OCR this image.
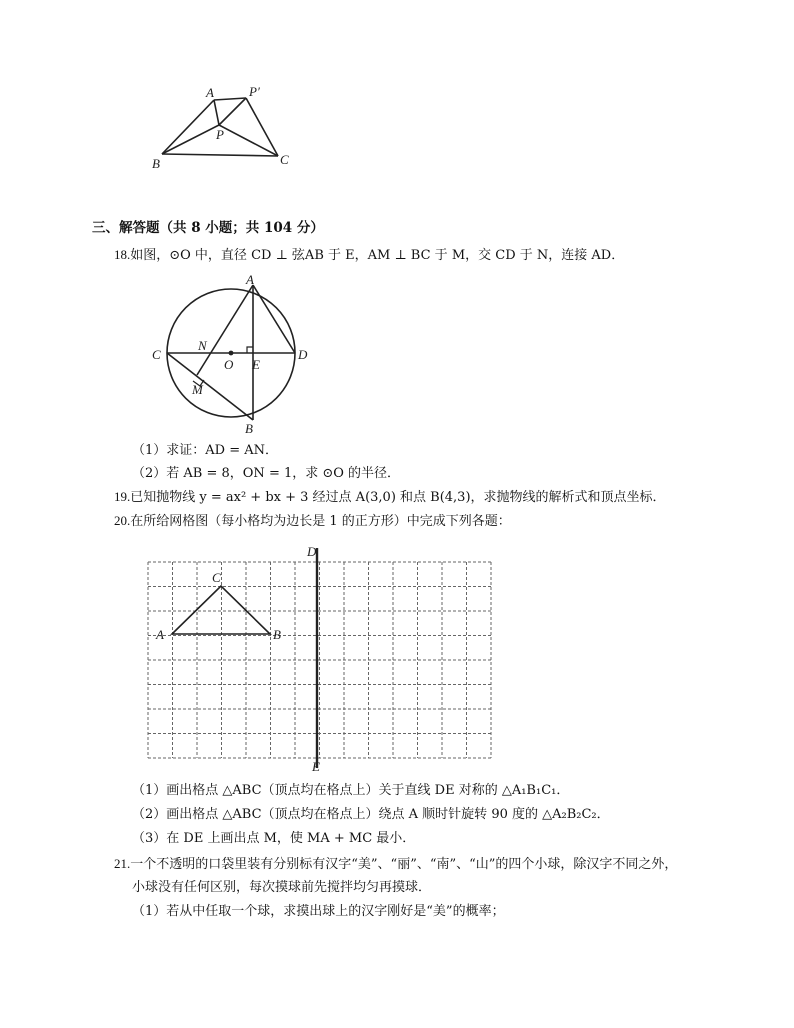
A	P′
P
B	C
三、解答题（共 8 小题；共 104 分）
18.如图，⊙O 中，直径 CD ⊥ 弦AB 于 E，AM ⊥ BC 于 M，交 CD 于 N，连接 AD．
A
C
N
O E
D
M
B
（1）求证：AD = AN．
（2）若 AB = 8，ON = 1，求 ⊙O 的半径．
19.已知抛物线 y = ax² + bx + 3 经过点 A(3,0) 和点 B(4,3)，求抛物线的解析式和顶点坐标．
20.在所给网格图（每小格均为边长是 1 的正方形）中完成下列各题：
D
C
A	B
E
（1）画出格点 △ABC（顶点均在格点上）关于直线 DE 对称的 △A₁B₁C₁．
（2）画出格点 △ABC（顶点均在格点上）绕点 A 顺时针旋转 90 度的 △A₂B₂C₂．
（3）在 DE 上画出点 M，使 MA + MC 最小．
21.一个不透明的口袋里装有分别标有汉字“美”、“丽”、“南”、“山”的四个小球，除汉字不同之外，
小球没有任何区别，每次摸球前先搅拌均匀再摸球．
（1）若从中任取一个球，求摸出球上的汉字刚好是“美”的概率；
